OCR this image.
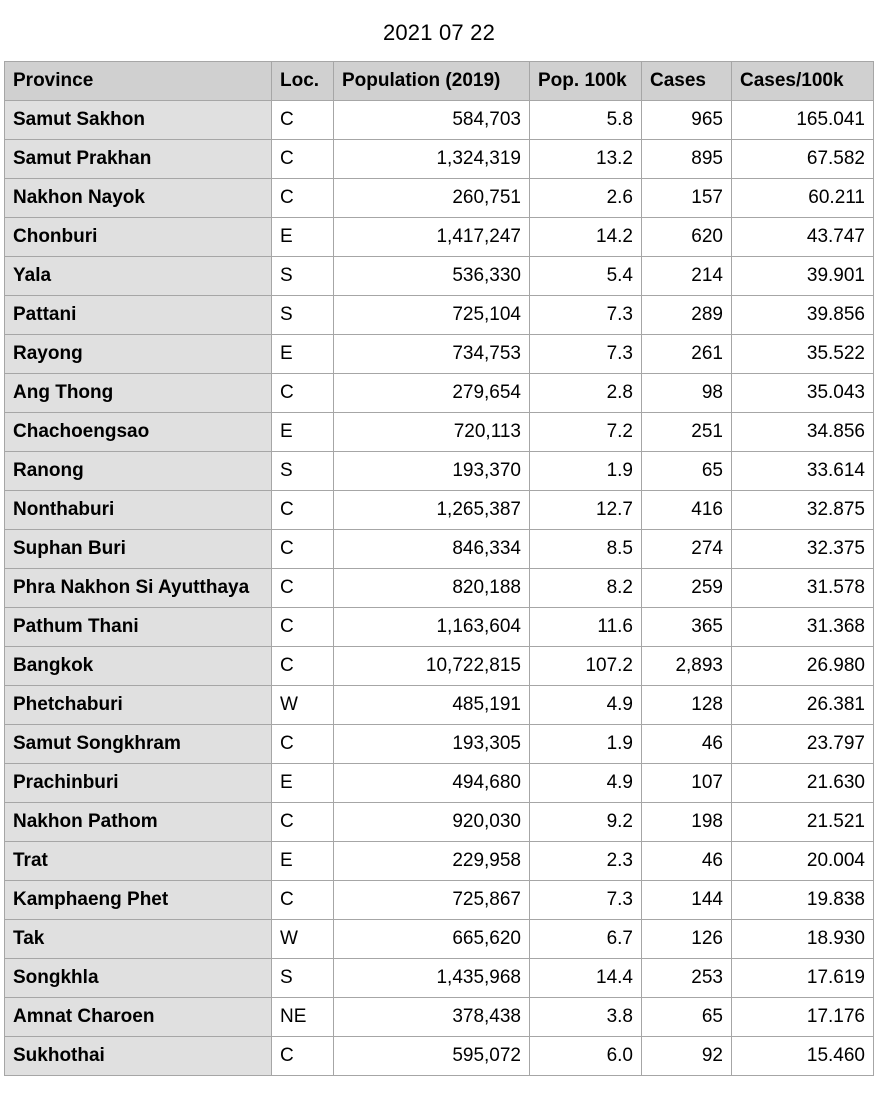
2021 07 22
Province	Loc.	Population (2019)	Pop. 100k	Cases	Cases/100k
Samut Sakhon	C	584,703	5.8	965	165.041
Samut Prakhan	C	1,324,319	13.2	895	67.582
Nakhon Nayok	C	260,751	2.6	157	60.211
Chonburi	E	1,417,247	14.2	620	43.747
Yala	S	536,330	5.4	214	39.901
Pattani	S	725,104	7.3	289	39.856
Rayong	E	734,753	7.3	261	35.522
Ang Thong	C	279,654	2.8	98	35.043
Chachoengsao	E	720,113	7.2	251	34.856
Ranong	S	193,370	1.9	65	33.614
Nonthaburi	C	1,265,387	12.7	416	32.875
Suphan Buri	C	846,334	8.5	274	32.375
Phra Nakhon Si Ayutthaya	C	820,188	8.2	259	31.578
Pathum Thani	C	1,163,604	11.6	365	31.368
Bangkok	C	10,722,815	107.2	2,893	26.980
Phetchaburi	W	485,191	4.9	128	26.381
Samut Songkhram	C	193,305	1.9	46	23.797
Prachinburi	E	494,680	4.9	107	21.630
Nakhon Pathom	C	920,030	9.2	198	21.521
Trat	E	229,958	2.3	46	20.004
Kamphaeng Phet	C	725,867	7.3	144	19.838
Tak	W	665,620	6.7	126	18.930
Songkhla	S	1,435,968	14.4	253	17.619
Amnat Charoen	NE	378,438	3.8	65	17.176
Sukhothai	C	595,072	6.0	92	15.460
